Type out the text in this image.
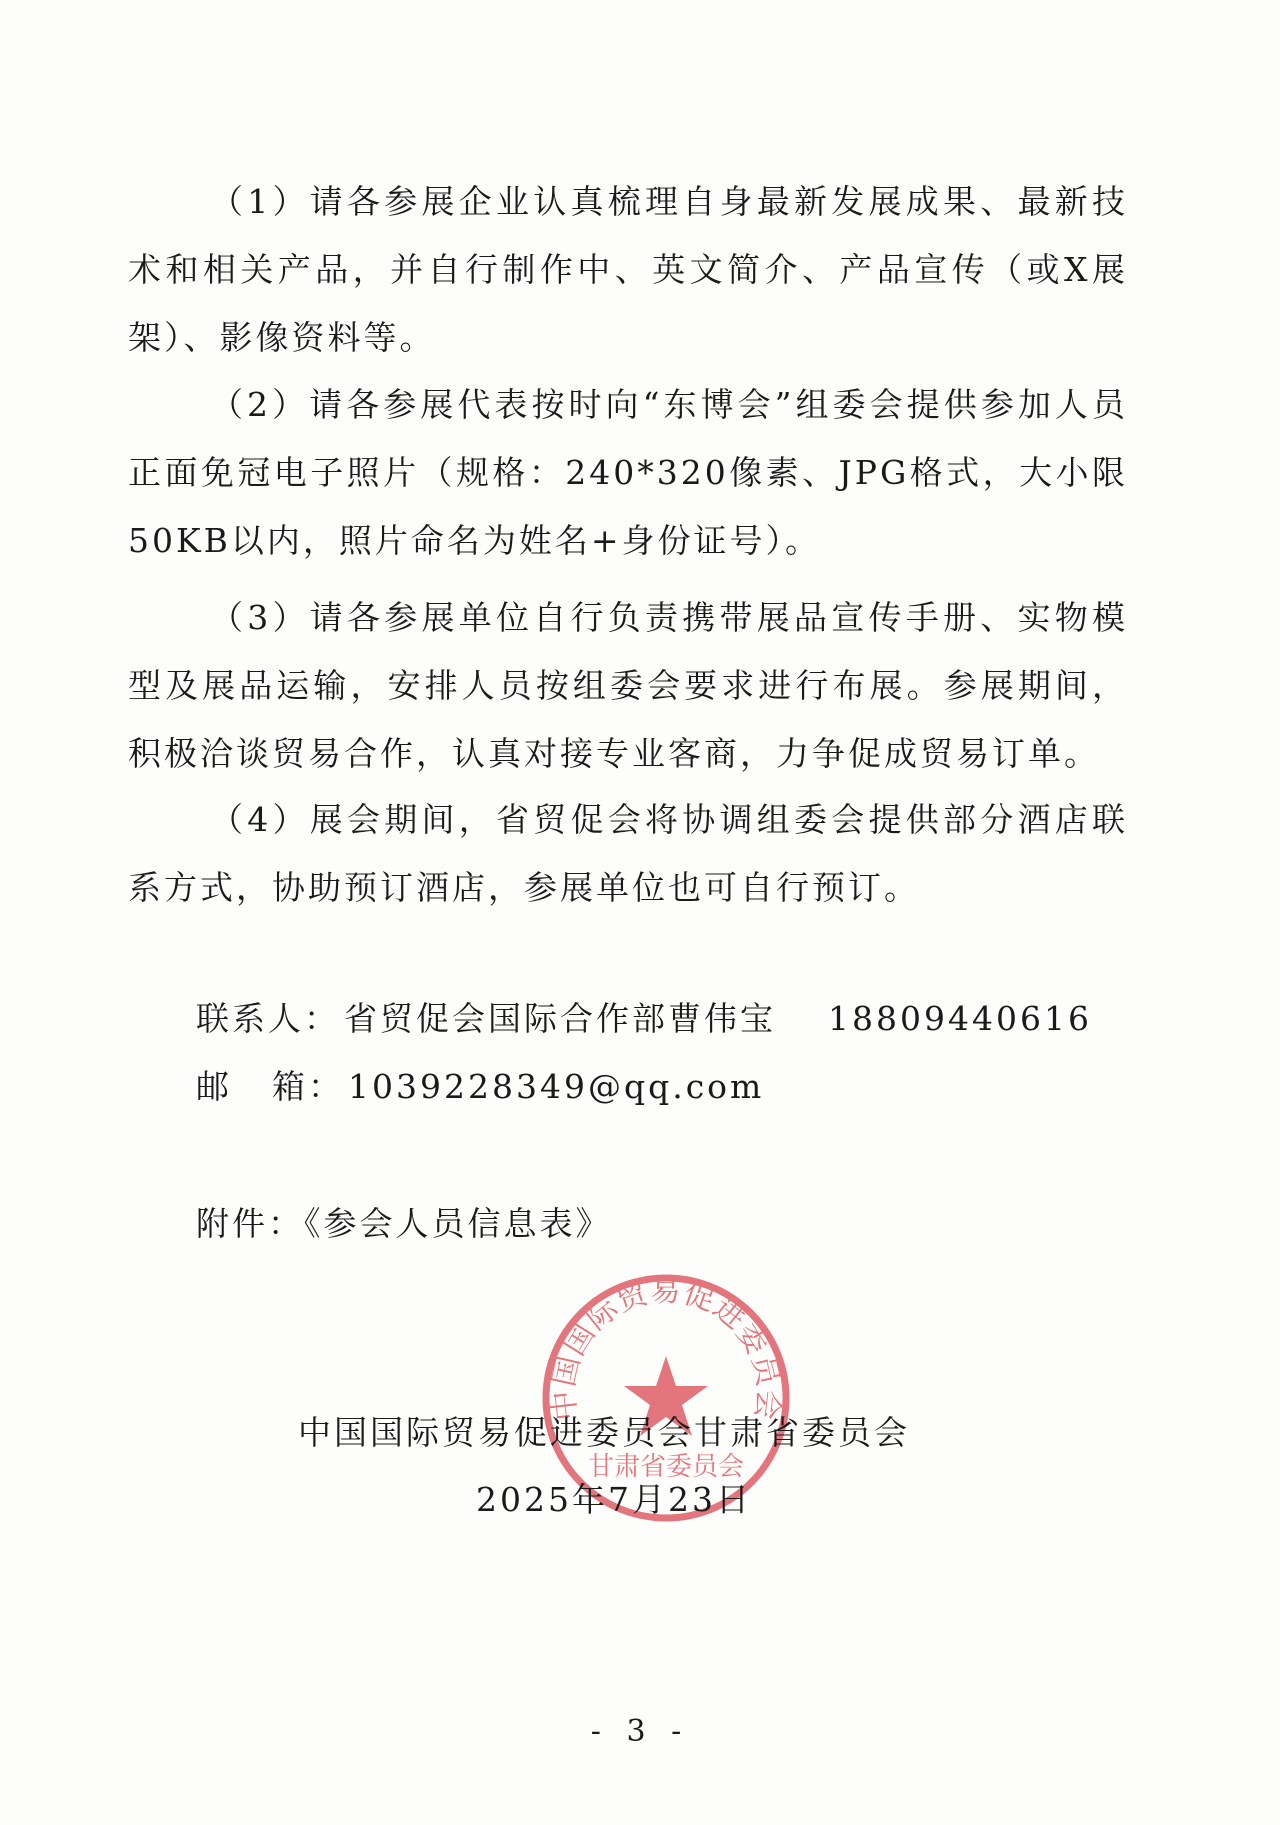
（1）请各参展企业认真梳理自身最新发展成果、最新技术和相关产品，并自行制作中、英文简介、产品宣传（或X展架）、影像资料等。

（2）请各参展代表按时向“东博会”组委会提供参加人员正面免冠电子照片（规格：240*320像素、JPG格式，大小限50KB以内，照片命名为姓名+身份证号）。

（3）请各参展单位自行负责携带展品宣传手册、实物模型及展品运输，安排人员按组委会要求进行布展。参展期间，积极洽谈贸易合作，认真对接专业客商，力争促成贸易订单。

（4）展会期间，省贸促会将协调组委会提供部分酒店联系方式，协助预订酒店，参展单位也可自行预订。

联系人： 省贸促会国际合作部曹伟宝 18809440616
邮 箱： 1039228349@qq.com
附件：《参会人员信息表》
中国国际贸易促进委员会
甘肃省委员会
中国国际贸易促进委员会甘肃省委员会
2025年7月23日
- 3 -
